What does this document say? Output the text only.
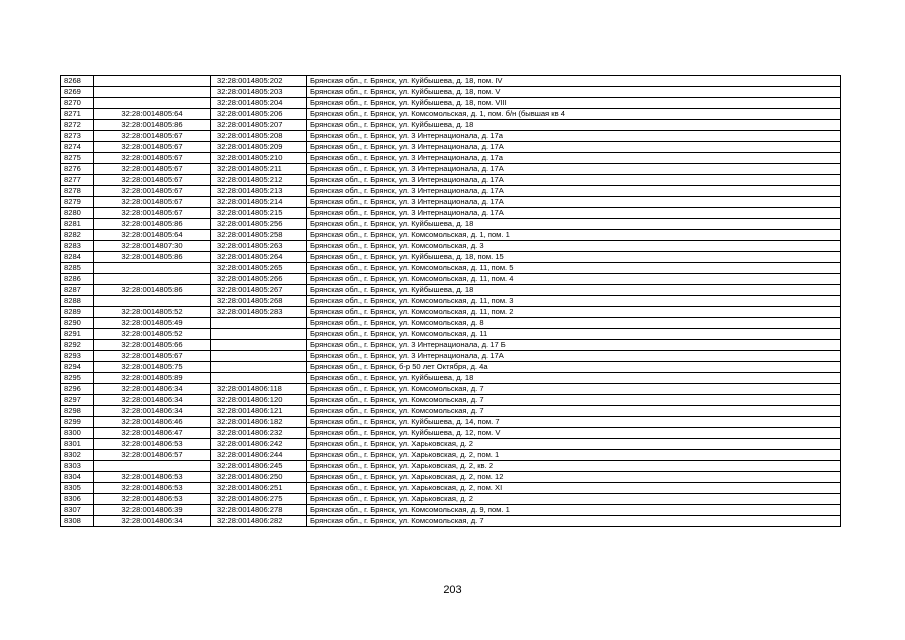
8268		32:28:0014805:202	Брянская обл., г. Брянск, ул. Куйбышева, д. 18, пом. IV
8269		32:28:0014805:203	Брянская обл., г. Брянск, ул. Куйбышева, д. 18, пом. V
8270		32:28:0014805:204	Брянская обл., г. Брянск, ул. Куйбышева, д. 18, пом. VIII
8271	32:28:0014805:64	32:28:0014805:206	Брянская обл., г. Брянск, ул. Комсомольская, д. 1, пом. б/н (бывшая кв 4
8272	32:28:0014805:86	32:28:0014805:207	Брянская обл., г. Брянск, ул. Куйбышева, д. 18
8273	32:28:0014805:67	32:28:0014805:208	Брянская обл., г. Брянск, ул. 3 Интернационала, д. 17а
8274	32:28:0014805:67	32:28:0014805:209	Брянская обл., г. Брянск, ул. 3 Интернационала, д. 17А
8275	32:28:0014805:67	32:28:0014805:210	Брянская обл., г. Брянск, ул. 3 Интернационала, д. 17а
8276	32:28:0014805:67	32:28:0014805:211	Брянская обл., г. Брянск, ул. 3 Интернационала, д. 17А
8277	32:28:0014805:67	32:28:0014805:212	Брянская обл., г. Брянск, ул. 3 Интернационала, д. 17А
8278	32:28:0014805:67	32:28:0014805:213	Брянская обл., г. Брянск, ул. 3 Интернационала, д. 17А
8279	32:28:0014805:67	32:28:0014805:214	Брянская обл., г. Брянск, ул. 3 Интернационала, д. 17А
8280	32:28:0014805:67	32:28:0014805:215	Брянская обл., г. Брянск, ул. 3 Интернационала, д. 17А
8281	32:28:0014805:86	32:28:0014805:256	Брянская обл., г. Брянск, ул. Куйбышева, д. 18
8282	32:28:0014805:64	32:28:0014805:258	Брянская обл., г. Брянск, ул. Комсомольская, д. 1, пом. 1
8283	32:28:0014807:30	32:28:0014805:263	Брянская обл., г. Брянск, ул. Комсомольская, д. 3
8284	32:28:0014805:86	32:28:0014805:264	Брянская обл., г. Брянск, ул. Куйбышева, д. 18, пом. 15
8285		32:28:0014805:265	Брянская обл., г. Брянск, ул. Комсомольская, д. 11, пом. 5
8286		32:28:0014805:266	Брянская обл., г. Брянск, ул. Комсомольская, д. 11, пом. 4
8287	32:28:0014805:86	32:28:0014805:267	Брянская обл., г. Брянск, ул. Куйбышева, д. 18
8288		32:28:0014805:268	Брянская обл., г. Брянск, ул. Комсомольская, д. 11, пом. 3
8289	32:28:0014805:52	32:28:0014805:283	Брянская обл., г. Брянск, ул. Комсомольская, д. 11, пом. 2
8290	32:28:0014805:49		Брянская обл., г. Брянск, ул. Комсомольская, д. 8
8291	32:28:0014805:52		Брянская обл., г. Брянск, ул. Комсомольская, д. 11
8292	32:28:0014805:66		Брянская обл., г. Брянск, ул. 3 Интернационала, д. 17 Б
8293	32:28:0014805:67		Брянская обл., г. Брянск, ул. 3 Интернационала, д. 17А
8294	32:28:0014805:75		Брянская обл., г. Брянск, б-р 50 лет Октября, д. 4а
8295	32:28:0014805:89		Брянская обл., г. Брянск, ул. Куйбышева, д. 18
8296	32:28:0014806:34	32:28:0014806:118	Брянская обл., г. Брянск, ул. Комсомольская, д. 7
8297	32:28:0014806:34	32:28:0014806:120	Брянская обл., г. Брянск, ул. Комсомольская, д. 7
8298	32:28:0014806:34	32:28:0014806:121	Брянская обл., г. Брянск, ул. Комсомольская, д. 7
8299	32:28:0014806:46	32:28:0014806:182	Брянская обл., г. Брянск, ул. Куйбышева, д. 14, пом. 7
8300	32:28:0014806:47	32:28:0014806:232	Брянская обл., г. Брянск, ул. Куйбышева, д. 12, пом. V
8301	32:28:0014806:53	32:28:0014806:242	Брянская обл., г. Брянск, ул. Харьковская, д. 2
8302	32:28:0014806:57	32:28:0014806:244	Брянская обл., г. Брянск, ул. Харьковская, д. 2, пом. 1
8303		32:28:0014806:245	Брянская обл., г. Брянск, ул. Харьковская, д. 2, кв. 2
8304	32:28:0014806:53	32:28:0014806:250	Брянская обл., г. Брянск, ул. Харьковская, д. 2, пом. 12
8305	32:28:0014806:53	32:28:0014806:251	Брянская обл., г. Брянск, ул. Харьковская, д. 2, пом. XI
8306	32:28:0014806:53	32:28:0014806:275	Брянская обл., г. Брянск, ул. Харьковская, д. 2
8307	32:28:0014806:39	32:28:0014806:278	Брянская обл., г. Брянск, ул. Комсомольская, д. 9, пом. 1
8308	32:28:0014806:34	32:28:0014806:282	Брянская обл., г. Брянск, ул. Комсомольская, д. 7
203
